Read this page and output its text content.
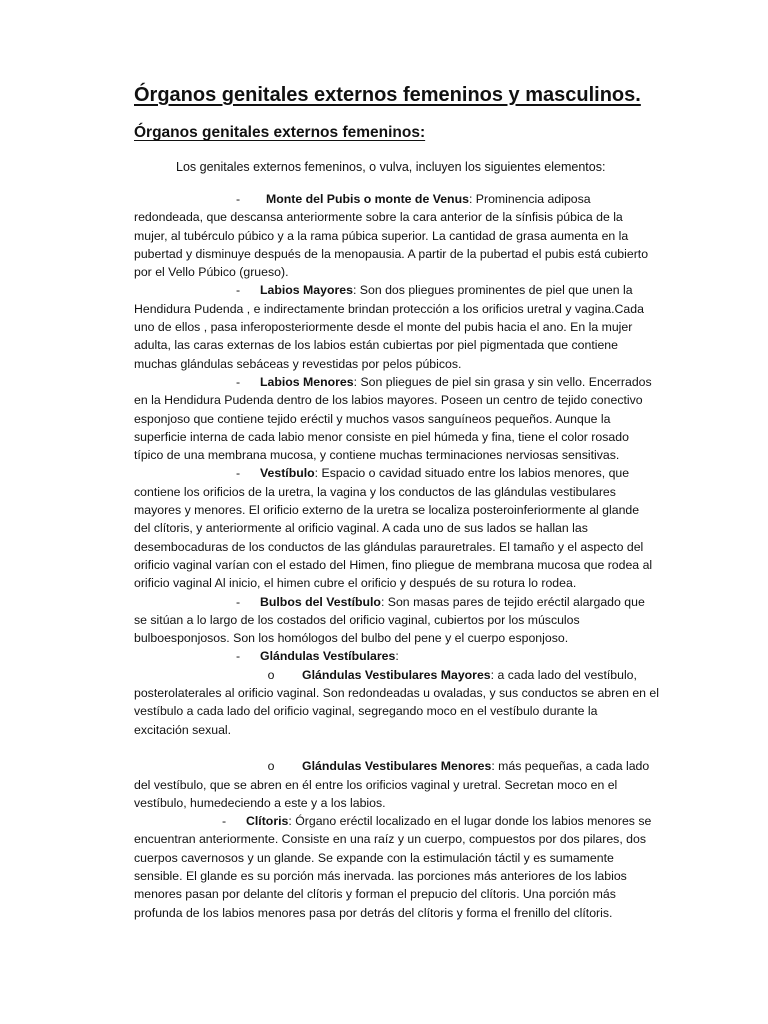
Órganos genitales externos femeninos y masculinos.
Órganos genitales externos femeninos:

Los genitales externos femeninos, o vulva, incluyen los siguientes elementos:

- Monte del Pubis o monte de Venus: Prominencia adiposa
redondeada, que descansa anteriormente sobre la cara anterior de la sínfisis púbica de la
mujer, al tubérculo púbico y a la rama púbica superior. La cantidad de grasa aumenta en la
pubertad y disminuye después de la menopausia. A partir de la pubertad el pubis está cubierto
por el Vello Púbico (grueso).
- Labios Mayores: Son dos pliegues prominentes de piel que unen la
Hendidura Pudenda , e indirectamente brindan protección a los orificios uretral y vagina.Cada
uno de ellos , pasa inferoposteriormente desde el monte del pubis hacia el ano. En la mujer
adulta, las caras externas de los labios están cubiertas por piel pigmentada que contiene
muchas glándulas sebáceas y revestidas por pelos púbicos.
- Labios Menores: Son pliegues de piel sin grasa y sin vello. Encerrados
en la Hendidura Pudenda dentro de los labios mayores. Poseen un centro de tejido conectivo
esponjoso que contiene tejido eréctil y muchos vasos sanguíneos pequeños. Aunque la
superficie interna de cada labio menor consiste en piel húmeda y fina, tiene el color rosado
típico de una membrana mucosa, y contiene muchas terminaciones nerviosas sensitivas.
- Vestíbulo: Espacio o cavidad situado entre los labios menores, que
contiene los orificios de la uretra, la vagina y los conductos de las glándulas vestibulares
mayores y menores. El orificio externo de la uretra se localiza posteroinferiormente al glande
del clítoris, y anteriormente al orificio vaginal. A cada uno de sus lados se hallan las
desembocaduras de los conductos de las glándulas parauretrales. El tamaño y el aspecto del
orificio vaginal varían con el estado del Himen, fino pliegue de membrana mucosa que rodea al
orificio vaginal Al inicio, el himen cubre el orificio y después de su rotura lo rodea.
- Bulbos del Vestíbulo: Son masas pares de tejido eréctil alargado que
se sitúan a lo largo de los costados del orificio vaginal, cubiertos por los músculos
bulboesponjosos. Son los homólogos del bulbo del pene y el cuerpo esponjoso.
- Glándulas Vestíbulares:
o Glándulas Vestibulares Mayores: a cada lado del vestíbulo,
posterolaterales al orificio vaginal. Son redondeadas u ovaladas, y sus conductos se abren en el
vestíbulo a cada lado del orificio vaginal, segregando moco en el vestíbulo durante la
excitación sexual.
o Glándulas Vestibulares Menores: más pequeñas, a cada lado
del vestíbulo, que se abren en él entre los orificios vaginal y uretral. Secretan moco en el
vestíbulo, humedeciendo a este y a los labios.
- Clítoris: Órgano eréctil localizado en el lugar donde los labios menores se
encuentran anteriormente. Consiste en una raíz y un cuerpo, compuestos por dos pilares, dos
cuerpos cavernosos y un glande. Se expande con la estimulación táctil y es sumamente
sensible. El glande es su porción más inervada. las porciones más anteriores de los labios
menores pasan por delante del clítoris y forman el prepucio del clítoris. Una porción más
profunda de los labios menores pasa por detrás del clítoris y forma el frenillo del clítoris.
